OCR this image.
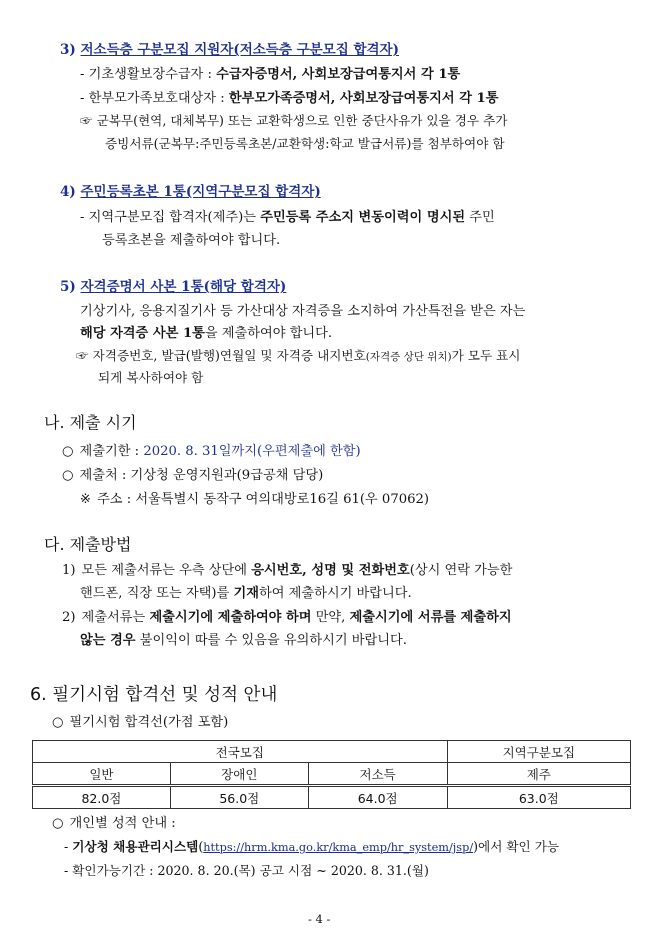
3) 저소득층 구분모집 지원자(저소득층 구분모집 합격자)
- 기초생활보장수급자 : 수급자증명서, 사회보장급여통지서 각 1통
- 한부모가족보호대상자 : 한부모가족증명서, 사회보장급여통지서 각 1통
☞ 군복무(현역, 대체복무) 또는 교환학생으로 인한 중단사유가 있을 경우 추가
증빙서류(군복무:주민등록초본/교환학생:학교 발급서류)를 첨부하여야 함
4) 주민등록초본 1통(지역구분모집 합격자)
- 지역구분모집 합격자(제주)는 주민등록 주소지 변동이력이 명시된 주민
등록초본을 제출하여야 합니다.
5) 자격증명서 사본 1통(해당 합격자)
기상기사, 응용지질기사 등 가산대상 자격증을 소지하여 가산특전을 받은 자는
해당 자격증 사본 1통을 제출하여야 합니다.
☞ 자격증번호, 발급(발행)연월일 및 자격증 내지번호(자격증 상단 위치)가 모두 표시
되게 복사하여야 함
나. 제출 시기
○ 제출기한 : 2020. 8. 31일까지(우편제출에 한함)
○ 제출처 : 기상청 운영지원과(9급공채 담당)
※ 주소 : 서울특별시 동작구 여의대방로16길 61(우 07062)
다. 제출방법
1) 모든 제출서류는 우측 상단에 응시번호, 성명 및 전화번호(상시 연락 가능한
핸드폰, 직장 또는 자택)를 기재하여 제출하시기 바랍니다.
2) 제출서류는 제출시기에 제출하여야 하며 만약, 제출시기에 서류를 제출하지
않는 경우 불이익이 따를 수 있음을 유의하시기 바랍니다.
6. 필기시험 합격선 및 성적 안내
○ 필기시험 합격선(가점 포함)
전국모집			지역구분모집
일반	장애인	저소득	제주
82.0점	56.0점	64.0점	63.0점
○ 개인별 성적 안내 :
- 기상청 채용관리시스템(https://hrm.kma.go.kr/kma_emp/hr_system/jsp/)에서 확인 가능
- 확인가능기간 : 2020. 8. 20.(목) 공고 시점 ~ 2020. 8. 31.(월)
- 4 -
